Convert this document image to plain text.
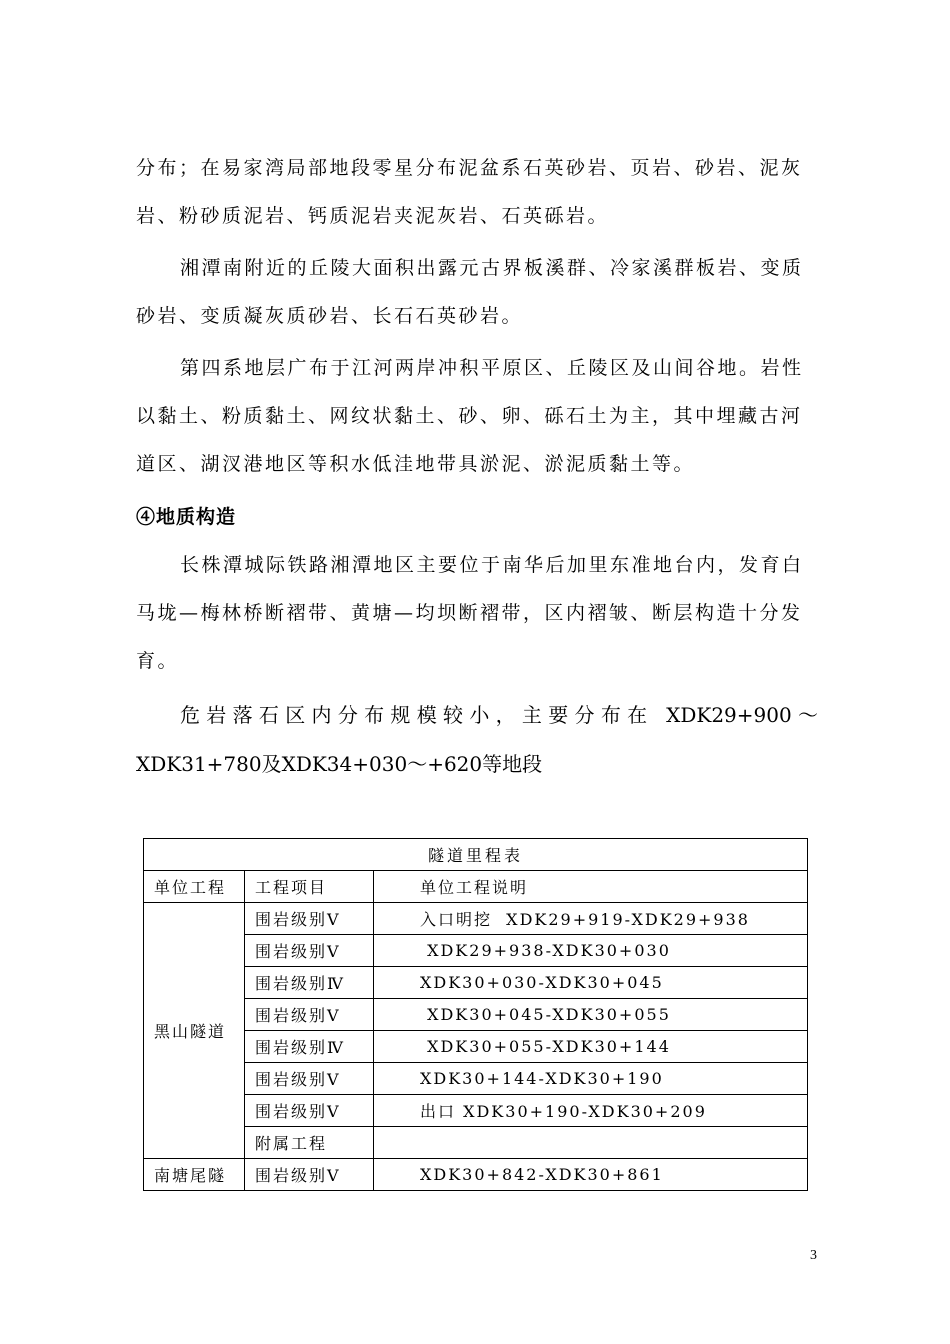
分布；在易家湾局部地段零星分布泥盆系石英砂岩、页岩、砂岩、泥灰岩、粉砂质泥岩、钙质泥岩夹泥灰岩、石英砾岩。

湘潭南附近的丘陵大面积出露元古界板溪群、冷家溪群板岩、变质砂岩、变质凝灰质砂岩、长石石英砂岩。

第四系地层广布于江河两岸冲积平原区、丘陵区及山间谷地。岩性以黏土、粉质黏土、网纹状黏土、砂、卵、砾石土为主，其中埋藏古河道区、湖汊港地区等积水低洼地带具淤泥、淤泥质黏土等。

④地质构造

长株潭城际铁路湘潭地区主要位于南华后加里东准地台内，发育白马垅—梅林桥断褶带、黄塘—均坝断褶带，区内褶皱、断层构造十分发育。

危岩落石区内分布规模较小，主要分布在 XDK29+900～

XDK31+780及XDK34+030～+620等地段

隧道里程表		
单位工程	工程项目	单位工程说明
黑山隧道	围岩级别Ⅴ	入口明挖  XDK29+919-XDK29+938
	围岩级别Ⅴ	XDK29+938-XDK30+030
	围岩级别Ⅳ	XDK30+030-XDK30+045
	围岩级别Ⅴ	XDK30+045-XDK30+055
	围岩级别Ⅳ	XDK30+055-XDK30+144
	围岩级别Ⅴ	XDK30+144-XDK30+190
	围岩级别Ⅴ	出口 XDK30+190-XDK30+209
	附属工程	
南塘尾隧	围岩级别Ⅴ	XDK30+842-XDK30+861
3
